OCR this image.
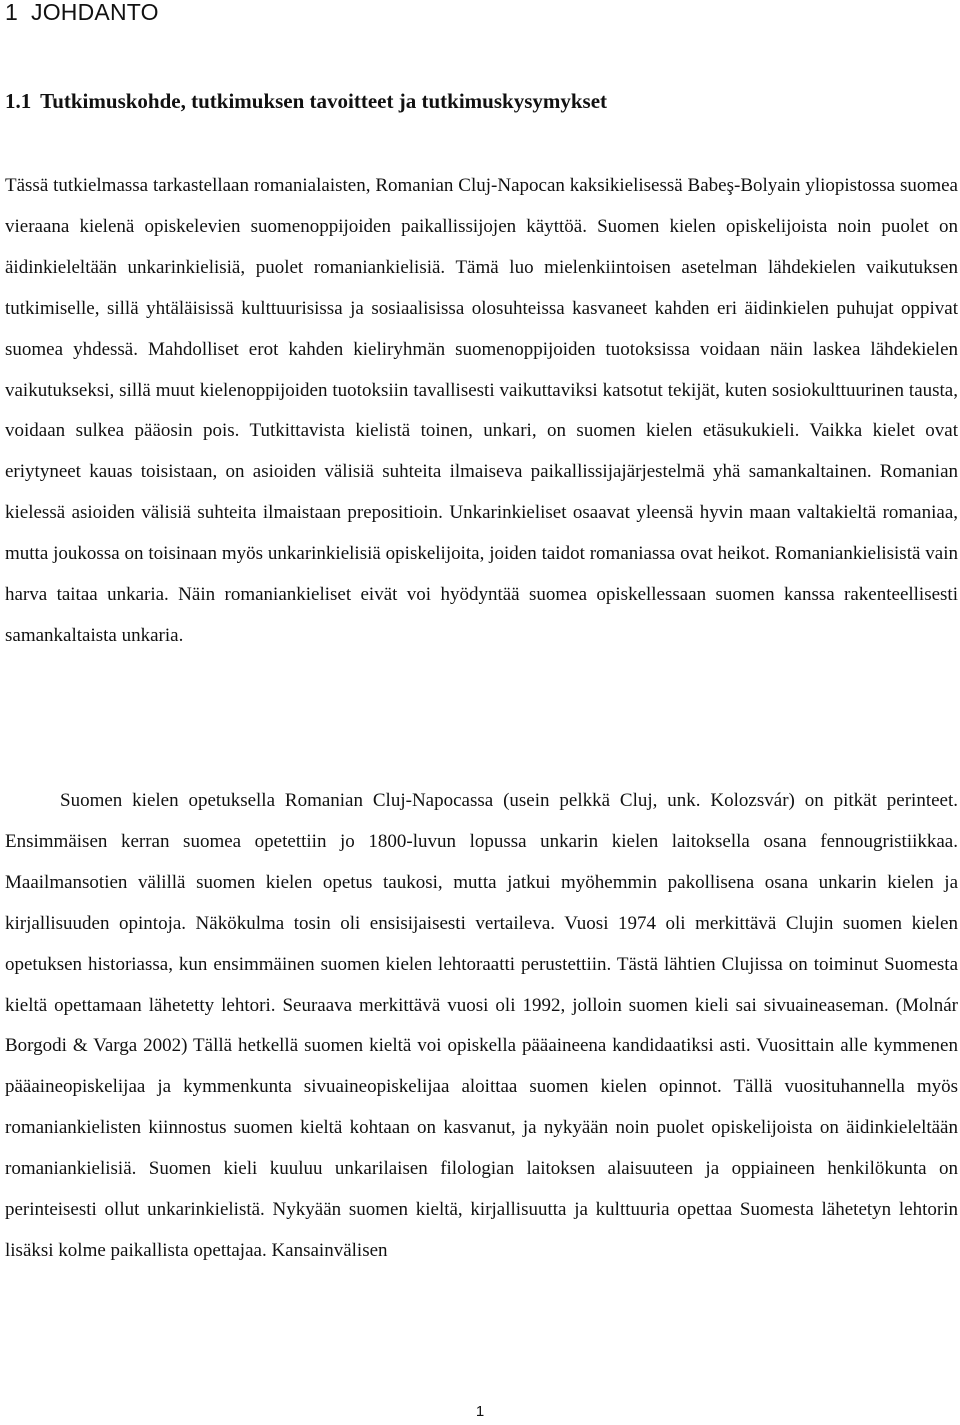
1 JOHDANTO
1.1 Tutkimuskohde, tutkimuksen tavoitteet ja tutkimuskysymykset

Tässä tutkielmassa tarkastellaan romanialaisten, Romanian Cluj-Napocan kaksikielisessä Babeş-Bolyain yliopistossa suomea vieraana kielenä opiskelevien suomenoppijoiden paikallissijojen käyttöä. Suomen kielen opiskelijoista noin puolet on äidinkieleltään unkarinkielisiä, puolet romaniankielisiä. Tämä luo mielenkiintoisen asetelman lähdekielen vaikutuksen tutkimiselle, sillä yhtäläisissä kulttuurisissa ja sosiaalisissa olosuhteissa kasvaneet kahden eri äidinkielen puhujat oppivat suomea yhdessä. Mahdolliset erot kahden kieliryhmän suomenoppijoiden tuotoksissa voidaan näin laskea lähdekielen vaikutukseksi, sillä muut kielenoppijoiden tuotoksiin tavallisesti vaikuttaviksi katsotut tekijät, kuten sosiokulttuurinen tausta, voidaan sulkea pääosin pois. Tutkittavista kielistä toinen, unkari, on suomen kielen etäsukukieli. Vaikka kielet ovat eriytyneet kauas toisistaan, on asioiden välisiä suhteita ilmaiseva paikallissijajärjestelmä yhä samankaltainen. Romanian kielessä asioiden välisiä suhteita ilmaistaan prepositioin. Unkarinkieliset osaavat yleensä hyvin maan valtakieltä romaniaa, mutta joukossa on toisinaan myös unkarinkielisiä opiskelijoita, joiden taidot romaniassa ovat heikot. Romaniankielisistä vain harva taitaa unkaria. Näin romaniankieliset eivät voi hyödyntää suomea opiskellessaan suomen kanssa rakenteellisesti samankaltaista unkaria.

Suomen kielen opetuksella Romanian Cluj-Napocassa (usein pelkkä Cluj, unk. Kolozsvár) on pitkät perinteet. Ensimmäisen kerran suomea opetettiin jo 1800-luvun lopussa unkarin kielen laitoksella osana fennougristiikkaa. Maailmansotien välillä suomen kielen opetus taukosi, mutta jatkui myöhemmin pakollisena osana unkarin kielen ja kirjallisuuden opintoja. Näkökulma tosin oli ensisijaisesti vertaileva. Vuosi 1974 oli merkittävä Clujin suomen kielen opetuksen historiassa, kun ensimmäinen suomen kielen lehtoraatti perustettiin. Tästä lähtien Clujissa on toiminut Suomesta kieltä opettamaan lähetetty lehtori. Seuraava merkittävä vuosi oli 1992, jolloin suomen kieli sai sivuaineaseman. (Molnár Borgodi & Varga 2002) Tällä hetkellä suomen kieltä voi opiskella pääaineena kandidaatiksi asti. Vuosittain alle kymmenen pääaineopiskelijaa ja kymmenkunta sivuaineopiskelijaa aloittaa suomen kielen opinnot. Tällä vuosituhannella myös romaniankielisten kiinnostus suomen kieltä kohtaan on kasvanut, ja nykyään noin puolet opiskelijoista on äidinkieleltään romaniankielisiä. Suomen kieli kuuluu unkarilaisen filologian laitoksen alaisuuteen ja oppiaineen henkilökunta on perinteisesti ollut unkarinkielistä. Nykyään suomen kieltä, kirjallisuutta ja kulttuuria opettaa Suomesta lähetetyn lehtorin lisäksi kolme paikallista opettajaa. Kansainvälisen

1
